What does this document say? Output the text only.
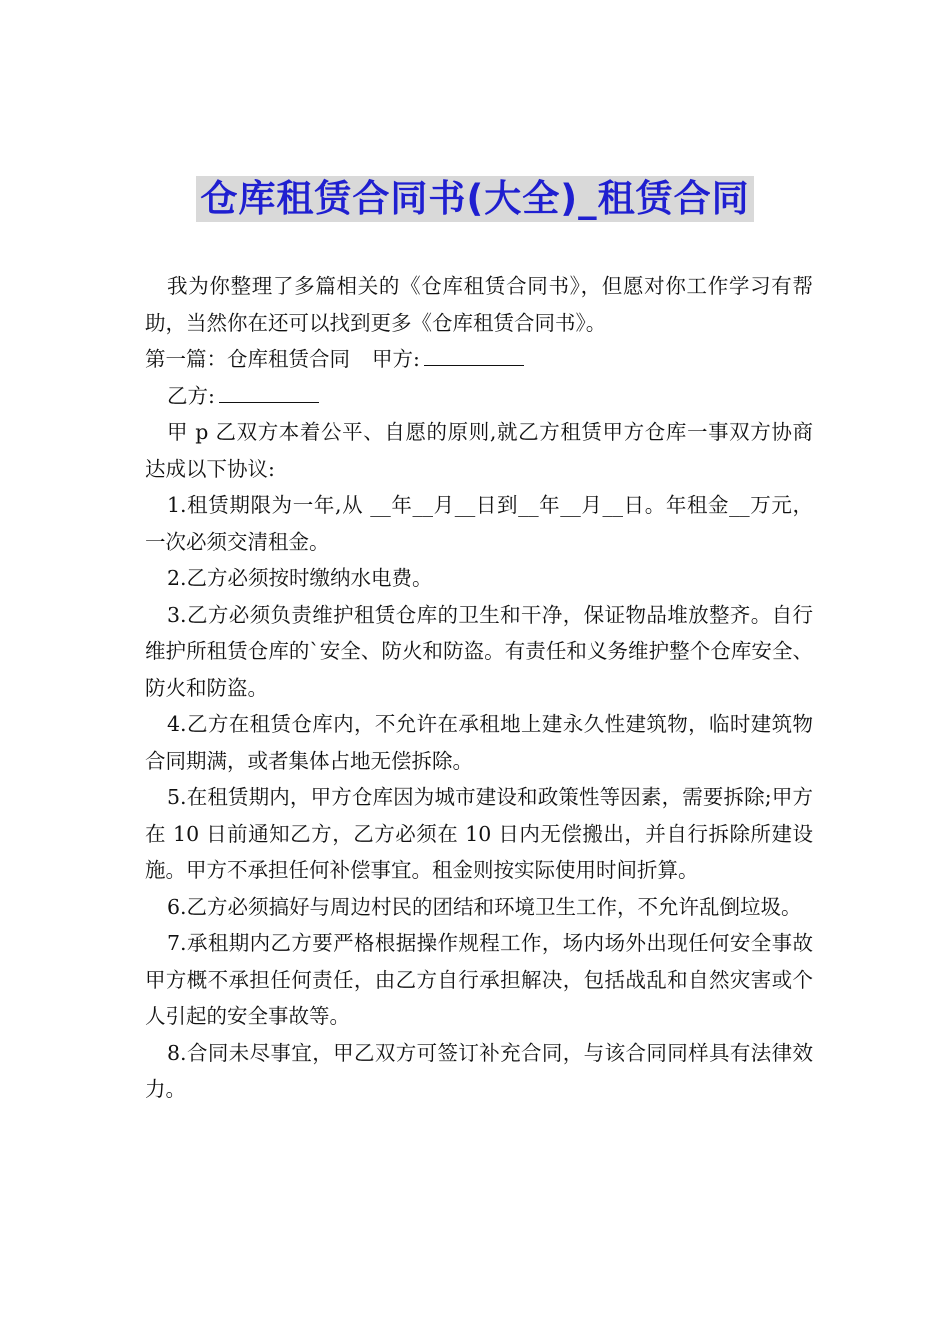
仓库租赁合同书(大全)_租赁合同

我为你整理了多篇相关的《仓库租赁合同书》，但愿对你工作学习有帮助，当然你在还可以找到更多《仓库租赁合同书》。

第一篇：仓库租赁合同 甲方:

乙方:

甲 p 乙双方本着公平、自愿的原则,就乙方租赁甲方仓库一事双方协商达成以下协议:

1.租赁期限为一年,从 __年__月__日到__年__月__日。年租金__万元，一次必须交清租金。

2.乙方必须按时缴纳水电费。

3.乙方必须负责维护租赁仓库的卫生和干净，保证物品堆放整齐。自行维护所租赁仓库的`安全、防火和防盗。有责任和义务维护整个仓库安全、防火和防盗。

4.乙方在租赁仓库内，不允许在承租地上建永久性建筑物，临时建筑物合同期满，或者集体占地无偿拆除。

5.在租赁期内，甲方仓库因为城市建设和政策性等因素，需要拆除;甲方在 10 日前通知乙方，乙方必须在 10 日内无偿搬出，并自行拆除所建设施。甲方不承担任何补偿事宜。租金则按实际使用时间折算。

6.乙方必须搞好与周边村民的团结和环境卫生工作，不允许乱倒垃圾。

7.承租期内乙方要严格根据操作规程工作，场内场外出现任何安全事故甲方概不承担任何责任，由乙方自行承担解决，包括战乱和自然灾害或个人引起的安全事故等。

8.合同未尽事宜，甲乙双方可签订补充合同，与该合同同样具有法律效力。
